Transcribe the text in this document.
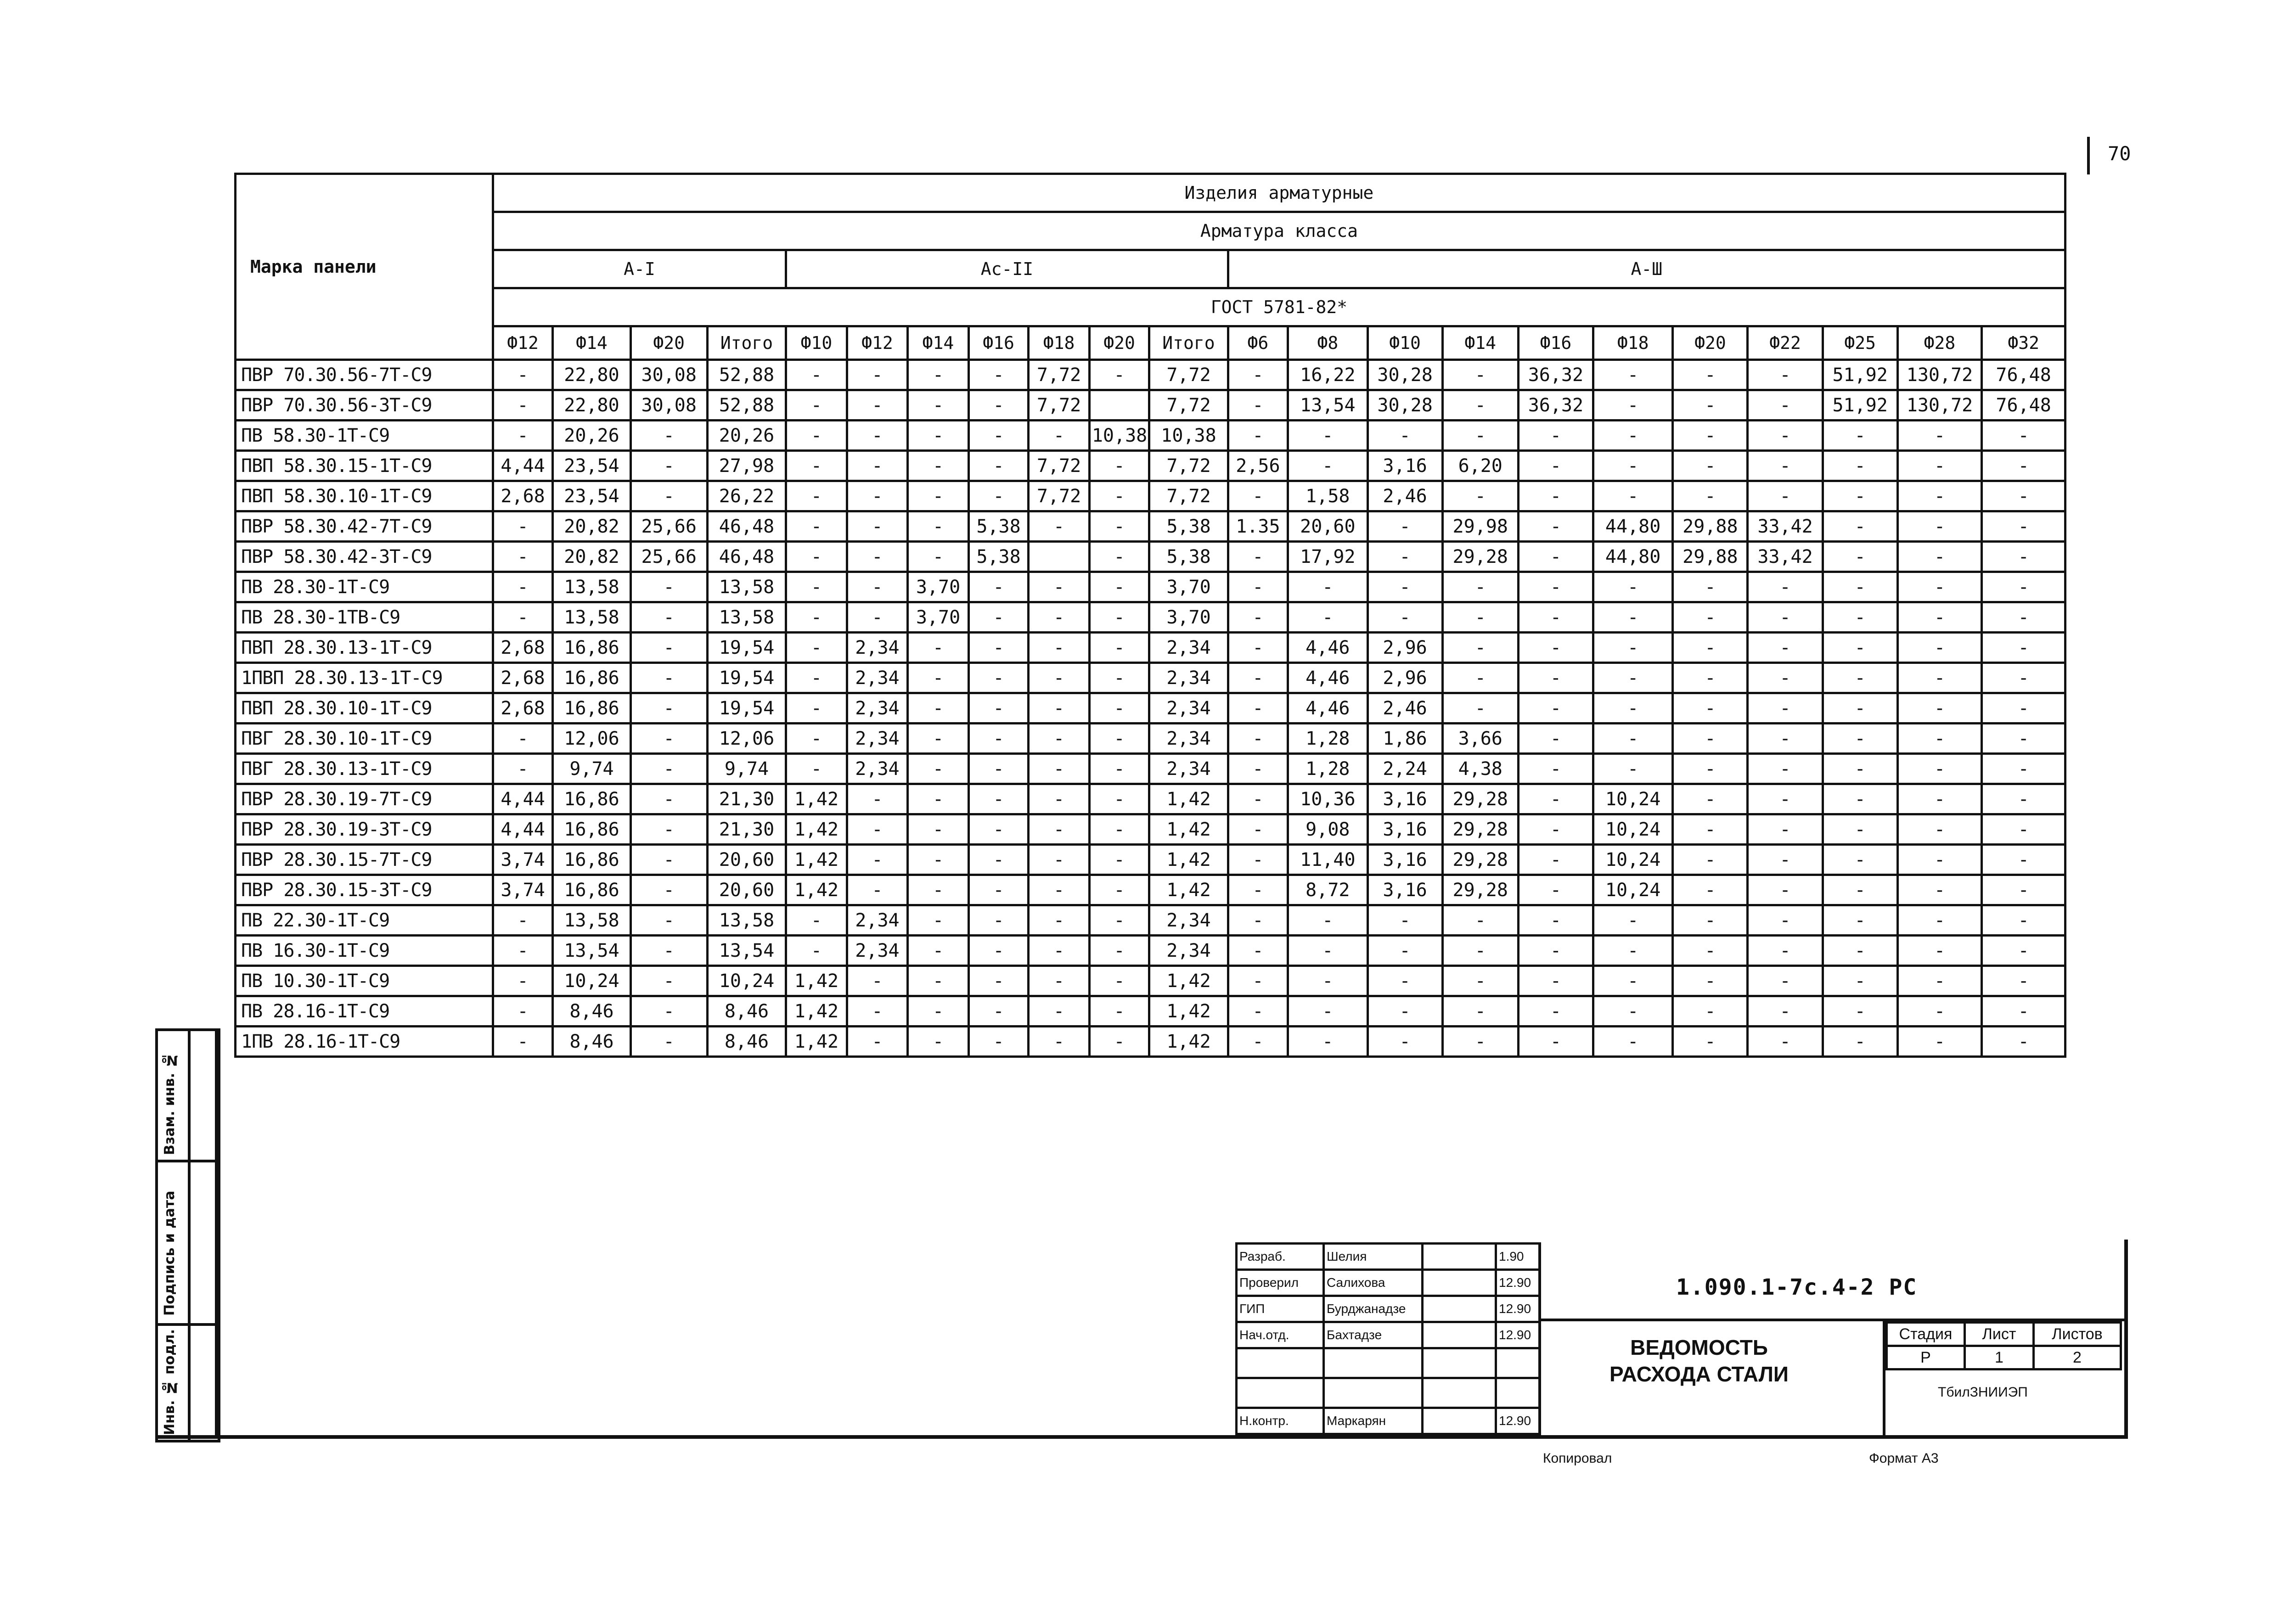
70
Марка панели	Изделия арматурные																					
	Арматура класса																					
	А-I				Ас-II							А-Ш										
	ГОСТ 5781-82*																					
	Ф12	Ф14	Ф20	Итого	Ф10	Ф12	Ф14	Ф16	Ф18	Ф20	Итого	Ф6	Ф8	Ф10	Ф14	Ф16	Ф18	Ф20	Ф22	Ф25	Ф28	Ф32
ПВР 70.30.56-7Т-С9	-	22,80	30,08	52,88	-	-	-	-	7,72	-	7,72	-	16,22	30,28	-	36,32	-	-	-	51,92	130,72	76,48
ПВР 70.30.56-3Т-С9	-	22,80	30,08	52,88	-	-	-	-	7,72		7,72	-	13,54	30,28	-	36,32	-	-	-	51,92	130,72	76,48
ПВ 58.30-1Т-С9	-	20,26	-	20,26	-	-	-	-	-	10,38	10,38	-	-	-	-	-	-	-	-	-	-	-
ПВП 58.30.15-1Т-С9	4,44	23,54	-	27,98	-	-	-	-	7,72	-	7,72	2,56	-	3,16	6,20	-	-	-	-	-	-	-
ПВП 58.30.10-1Т-С9	2,68	23,54	-	26,22	-	-	-	-	7,72	-	7,72	-	1,58	2,46	-	-	-	-	-	-	-	-
ПВР 58.30.42-7Т-С9	-	20,82	25,66	46,48	-	-	-	5,38	-	-	5,38	1.35	20,60	-	29,98	-	44,80	29,88	33,42	-	-	-
ПВР 58.30.42-3Т-С9	-	20,82	25,66	46,48	-	-	-	5,38		-	5,38	-	17,92	-	29,28	-	44,80	29,88	33,42	-	-	-
ПВ 28.30-1Т-С9	-	13,58	-	13,58	-	-	3,70	-	-	-	3,70	-	-	-	-	-	-	-	-	-	-	-
ПВ 28.30-1ТВ-С9	-	13,58	-	13,58	-	-	3,70	-	-	-	3,70	-	-	-	-	-	-	-	-	-	-	-
ПВП 28.30.13-1Т-С9	2,68	16,86	-	19,54	-	2,34	-	-	-	-	2,34	-	4,46	2,96	-	-	-	-	-	-	-	-
1ПВП 28.30.13-1Т-С9	2,68	16,86	-	19,54	-	2,34	-	-	-	-	2,34	-	4,46	2,96	-	-	-	-	-	-	-	-
ПВП 28.30.10-1Т-С9	2,68	16,86	-	19,54	-	2,34	-	-	-	-	2,34	-	4,46	2,46	-	-	-	-	-	-	-	-
ПВГ 28.30.10-1Т-С9	-	12,06	-	12,06	-	2,34	-	-	-	-	2,34	-	1,28	1,86	3,66	-	-	-	-	-	-	-
ПВГ 28.30.13-1Т-С9	-	9,74	-	9,74	-	2,34	-	-	-	-	2,34	-	1,28	2,24	4,38	-	-	-	-	-	-	-
ПВР 28.30.19-7Т-С9	4,44	16,86	-	21,30	1,42	-	-	-	-	-	1,42	-	10,36	3,16	29,28	-	10,24	-	-	-	-	-
ПВР 28.30.19-3Т-С9	4,44	16,86	-	21,30	1,42	-	-	-	-	-	1,42	-	9,08	3,16	29,28	-	10,24	-	-	-	-	-
ПВР 28.30.15-7Т-С9	3,74	16,86	-	20,60	1,42	-	-	-	-	-	1,42	-	11,40	3,16	29,28	-	10,24	-	-	-	-	-
ПВР 28.30.15-3Т-С9	3,74	16,86	-	20,60	1,42	-	-	-	-	-	1,42	-	8,72	3,16	29,28	-	10,24	-	-	-	-	-
ПВ 22.30-1Т-С9	-	13,58	-	13,58	-	2,34	-	-	-	-	2,34	-	-	-	-	-	-	-	-	-	-	-
ПВ 16.30-1Т-С9	-	13,54	-	13,54	-	2,34	-	-	-	-	2,34	-	-	-	-	-	-	-	-	-	-	-
ПВ 10.30-1Т-С9	-	10,24	-	10,24	1,42	-	-	-	-	-	1,42	-	-	-	-	-	-	-	-	-	-	-
ПВ 28.16-1Т-С9	-	8,46	-	8,46	1,42	-	-	-	-	-	1,42	-	-	-	-	-	-	-	-	-	-	-
1ПВ 28.16-1Т-С9	-	8,46	-	8,46	1,42	-	-	-	-	-	1,42	-	-	-	-	-	-	-	-	-	-	-
Взам. инв. №
Подпись и дата
Инв. № подл.
Разраб.	Шелия		1.90
Проверил	Салихова		12.90
ГИП	Бурджанадзе		12.90
Нач.отд.	Бахтадзе		12.90

Н.контр.	Маркарян		12.90
1.090.1-7с.4-2 РС
ВЕДОМОСТЬ
РАСХОДА СТАЛИ
Стадия	Лист	Листов
Р	1	2
ТбилЗНИИЭП
Копировал	Формат А3
